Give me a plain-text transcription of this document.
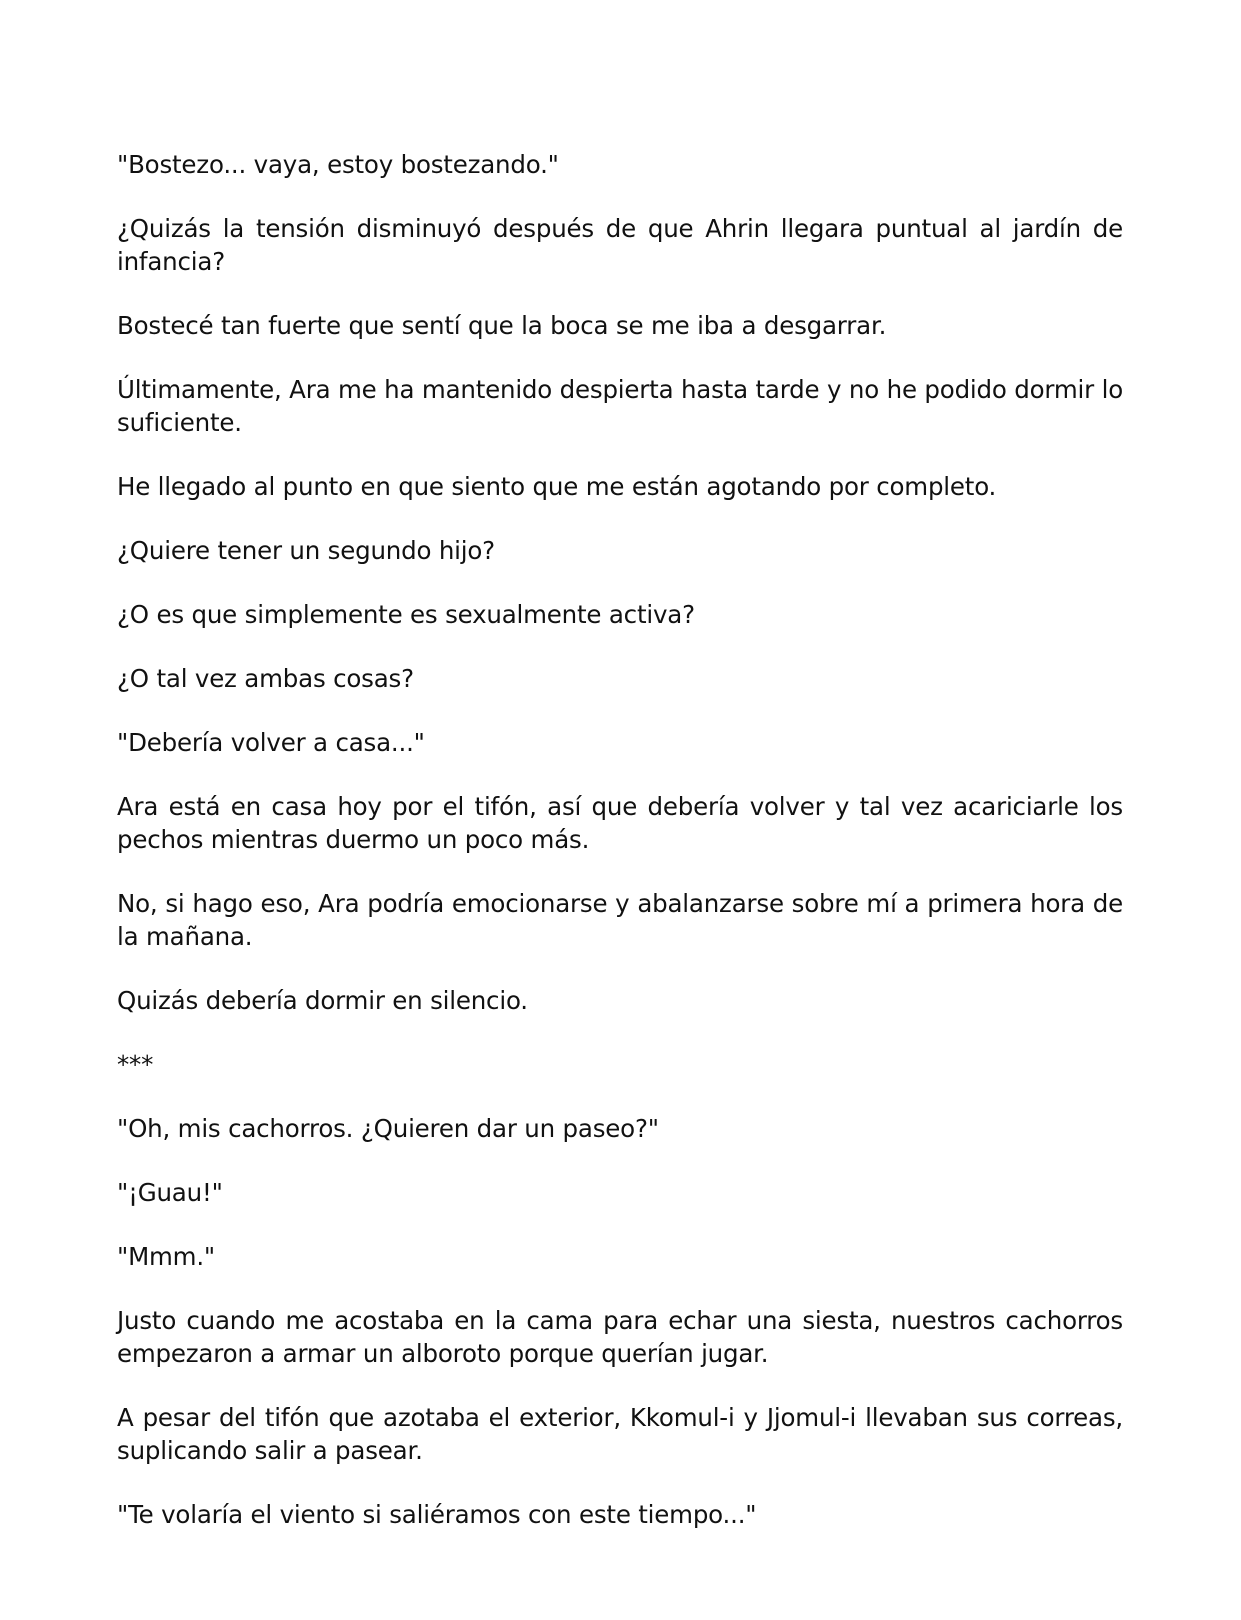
"Bostezo... vaya, estoy bostezando."

¿Quizás la tensión disminuyó después de que Ahrin llegara puntual al jardín de infancia?

Bostecé tan fuerte que sentí que la boca se me iba a desgarrar.

Últimamente, Ara me ha mantenido despierta hasta tarde y no he podido dormir lo suficiente.

He llegado al punto en que siento que me están agotando por completo.

¿Quiere tener un segundo hijo?

¿O es que simplemente es sexualmente activa?

¿O tal vez ambas cosas?

"Debería volver a casa..."

Ara está en casa hoy por el tifón, así que debería volver y tal vez acariciarle los pechos mientras duermo un poco más.

No, si hago eso, Ara podría emocionarse y abalanzarse sobre mí a primera hora de la mañana.

Quizás debería dormir en silencio.

***

"Oh, mis cachorros. ¿Quieren dar un paseo?"

"¡Guau!"

"Mmm."

Justo cuando me acostaba en la cama para echar una siesta, nuestros cachorros empezaron a armar un alboroto porque querían jugar.

A pesar del tifón que azotaba el exterior, Kkomul-i y Jjomul-i llevaban sus correas, suplicando salir a pasear.

"Te volaría el viento si saliéramos con este tiempo..."
